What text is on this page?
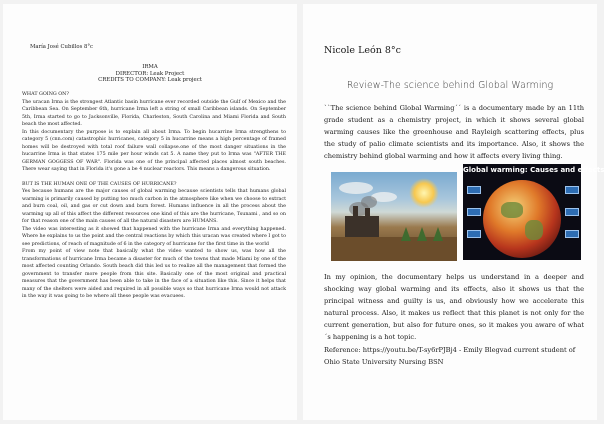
María José Cubillos 8°c
IRMA
DIRECTOR: Leak Project
CREDITS TO COMPANY: Leak project

WHAT GOING ON?

The uracan Irma is the strongest Atlantic basin hurricane ever recorded outside the Gulf of Mexico and the Caribbean Sea. On September 6th, hurricane Irma left a string of small Caribbean islands. On September 5th, Irma started to go to Jacksonville, Florida, Charleston, South Carolina and Miami Florida and South beach the most affected.

In this documentary the purpose is to explain all about Irma. To begin hucarrine Irma strengthens to category 5 (cnn.com) catastrophic hurricanes, category 5 in hucarrine means a high percentage of framed homes will be destroyed with total roof failure wall collapse.one of the most danger situations in the hucarrine Irma is that states 175 mile per hour winds cat 5. A name they put to Irma was "AFTER THE GERMAN GOGGESS OF WAR". Florida was one of the principal affected places almost south beaches. There wear saying that in Florida it's gone a be 4 nuclear reactors. This means a dangerous situation.

BUT IS THE HUMAN ONE OF THE CAUSES OF HURRICANE?

Yes because humans are the major causes of global warming because scientists tells that humans global warming is primarily caused by putting too much carbon in the atmosphere like when we choose to extract and burn coal, oil, and gas or cut down and burn forest. Humans influence in all the process about the warming up all of this affect the different resources one kind of this are the hurricane, Tsunami , and so on for that reason one of the main causes of all the natural disasters are HUMANS.

The video was interesting as it showed that happened with the hurricane Irma and everything happened. Where he explains to us the point and the central reactions by which this uracan was created where I got to see predictions, of reach of magnitude of 6 in the category of hurricane for the first time in the world

From my point of view note that basically what the video wanted to show us, was how all the transformations of hurricane Irma became a disaster for much of the towns that made Miami by one of the most affected counting Orlando. South beach did this led us to realize all the management that formed the government to transfer more people from this site. Basically one of the most original and practical measures that the government has been able to take in the face of a situation like this. Since it helps that many of the shelters were aided and required in all possible ways so that hurricane Irma would not attack in the way it was going to be where all these people was evacuees.

Nicole León 8°c
Review-The science behind Global Warming

``The science behind Global Warming´´ is a documentary made by an 11th grade student as a chemistry project, in which it shows several global warming causes like the greenhouse and Rayleigh scattering effects, plus the study of palio climate scientists and its importance. Also, it shows the chemistry behind global warming and how it affects every living thing.

Global warming: Causes and effects

In my opinion, the documentary helps us understand in a deeper and shocking way global warming and its effects, also it shows us that the principal witness and guilty is us, and obviously how we accelerate this natural process. Also, it makes us reflect that this planet is not only for the current generation, but also for future ones, so it makes you aware of what ´s happening is a hot topic.

Reference: https://youtu.be/T-sy6rPJBj4 - Emily Blegvad current student of Ohio State University Nursing BSN
